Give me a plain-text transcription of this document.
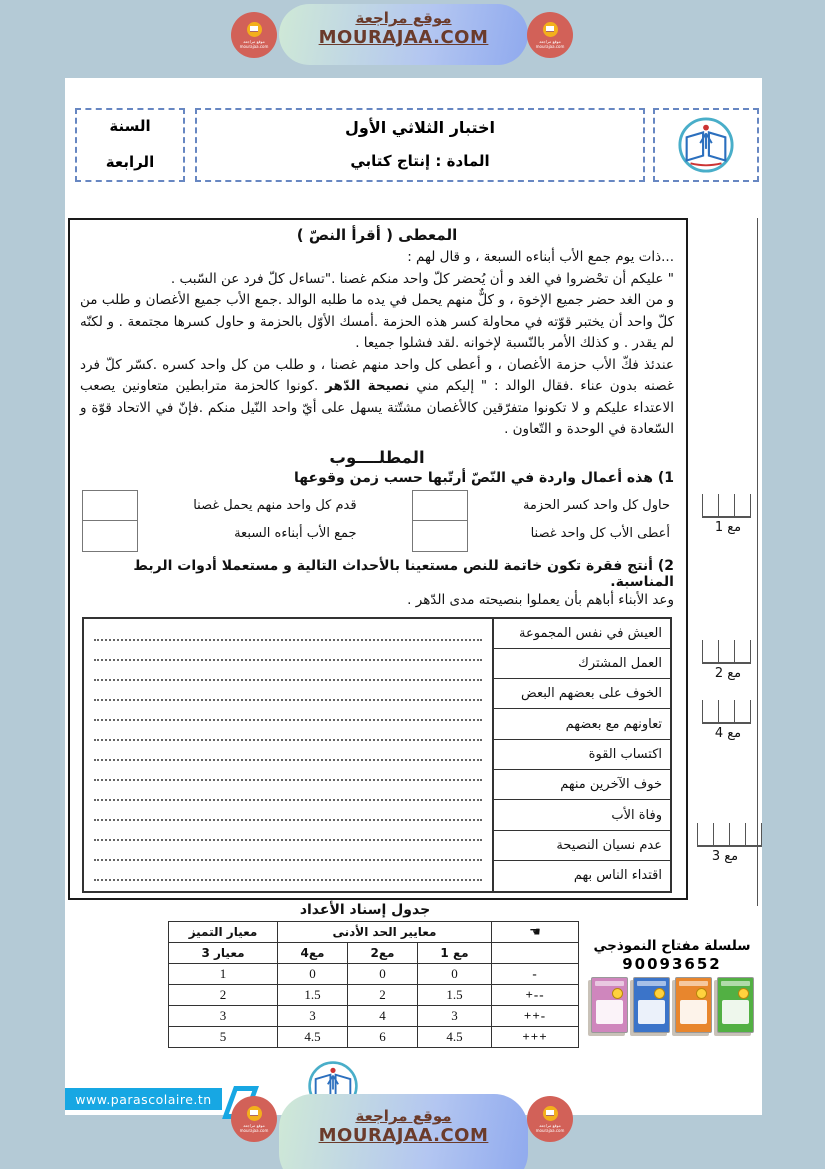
موقع مراجعة
mourajaa.com
موقع مراجعة
mourajaa.com
موقع مراجعة
MOURAJAA.COM
السنة
الرابعة
اختبار الثلاثي الأول
المادة : إنتاج كتابي
المعطى ( أقرأ النصّ )

...ذات يوم جمع الأب أبناءه السبعة ، و قال لهم :

" عليكم أن تحْضروا في الغد و أن يُحضر كلّ واحد منكم غصنا ."تساءل كلّ فرد عن السّبب .

و من الغد حضر جميع الإخوة ، و كلٌّ منهم يحمل في يده ما طلبه الوالد .جمع الأب جميع الأغصان و طلب من كلّ واحد أن يختبر قوّته في محاولة كسر هذه الحزمة .أمسك الأوّل بالحزمة و حاول كسرها مجتمعة . و لكنّه لم يقدر . و كذلك الأمر بالنّسبة لإخوانه .لقد فشلوا جميعا .

عندئذ فكّ الأب حزمة الأغصان ، و أعطى كل واحد منهم غصنا ، و طلب من كل واحد كسره .كسّر كلّ فرد غصنه بدون عناء .فقال الوالد : " إليكم مني نصيحة الدّهر .كونوا كالحزمة مترابطين متعاونين يصعب الاعتداء عليكم و لا تكونوا متفرّقين كالأغصان مشتّتة يسهل على أيّ واحد النّيل منكم .فإنّ في الاتحاد قوّة و السّعادة في الوحدة و التّعاون .

المطلــــوب
1) هذه أعمال واردة في النّصّ أرتّبها حسب زمن وقوعها
حاول كل واحد كسر الحزمة
أعطى الأب كل واحد غصنا
قدم كل واحد منهم يحمل غصنا
جمع الأب أبناءه السبعة
2) أنتج فقرة تكون خاتمة للنص مستعينا بالأحداث التالية و مستعملا أدوات الربط المناسبة.

وعد الأبناء أباهم بأن يعملوا بنصيحته مدى الدّهر .

العيش في نفس المجموعة
العمل المشترك
الخوف على بعضهم البعض
تعاونهم مع بعضهم
اكتساب القوة
خوف الآخرين منهم
وفاة الأب
عدم نسيان النصيحة
اقتداء الناس بهم
مع 1
مع 2
مع 4
مع 3
جدول إسناد الأعداد
☚	معايير الحد الأدنى			معيار التميز
	مع 1	مع2	مع4	معيار 3
-	0	0	0	1
+--	1.5	2	1.5	2
++-	3	4	3	3
+++	4.5	6	4.5	5
سلسلة مفتاح النموذجي
90093652
www.parascolaire.tn
موقع مراجعة
mourajaa.com
موقع مراجعة
mourajaa.com
موقع مراجعة
MOURAJAA.COM
